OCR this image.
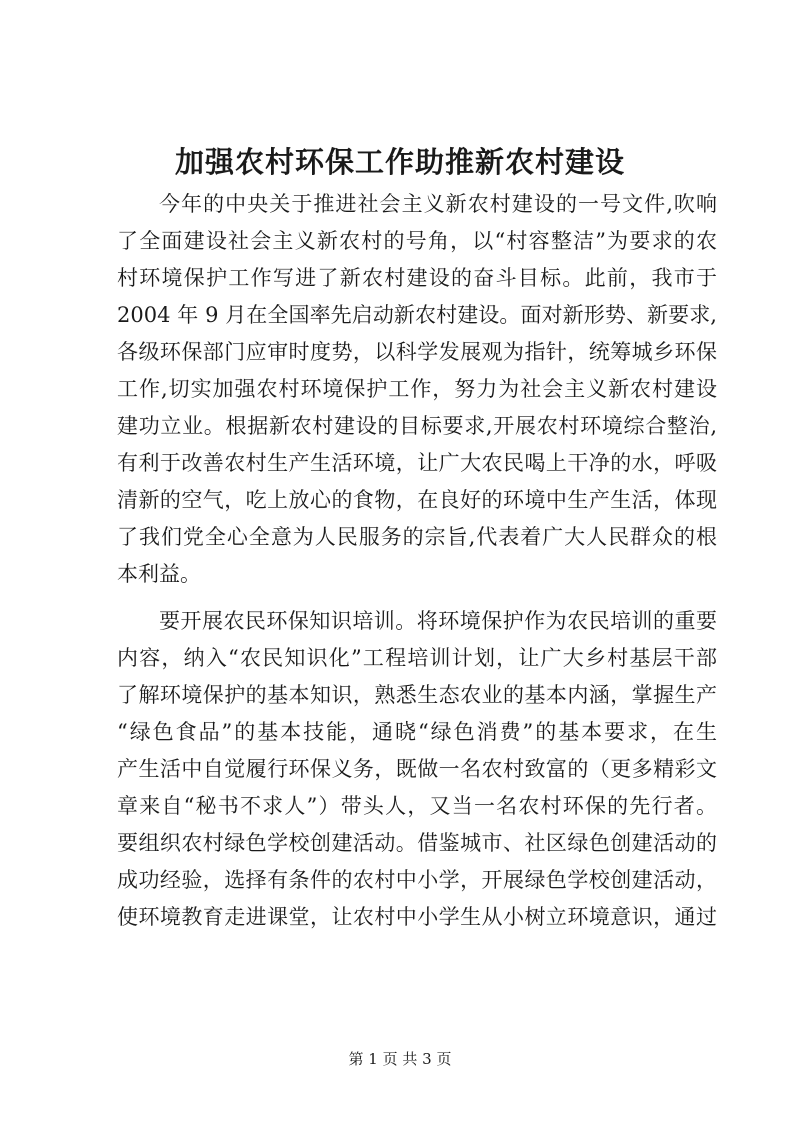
加强农村环保工作助推新农村建设
今年的中央关于推进社会主义新农村建设的一号文件,吹响
了全面建设社会主义新农村的号角，以“村容整洁”为要求的农
村环境保护工作写进了新农村建设的奋斗目标。此前，我市于
2004 年 9 月在全国率先启动新农村建设。面对新形势、新要求,
各级环保部门应审时度势，以科学发展观为指针，统筹城乡环保
工作,切实加强农村环境保护工作，努力为社会主义新农村建设
建功立业。根据新农村建设的目标要求,开展农村环境综合整治,
有利于改善农村生产生活环境，让广大农民喝上干净的水，呼吸
清新的空气，吃上放心的食物，在良好的环境中生产生活，体现
了我们党全心全意为人民服务的宗旨,代表着广大人民群众的根
本利益。
要开展农民环保知识培训。将环境保护作为农民培训的重要
内容，纳入“农民知识化”工程培训计划，让广大乡村基层干部
了解环境保护的基本知识，熟悉生态农业的基本内涵，掌握生产
“绿色食品”的基本技能，通晓“绿色消费”的基本要求，在生
产生活中自觉履行环保义务，既做一名农村致富的（更多精彩文
章来自“秘书不求人”）带头人，又当一名农村环保的先行者。
要组织农村绿色学校创建活动。借鉴城市、社区绿色创建活动的
成功经验，选择有条件的农村中小学，开展绿色学校创建活动，
使环境教育走进课堂，让农村中小学生从小树立环境意识，通过
第 1 页 共 3 页
